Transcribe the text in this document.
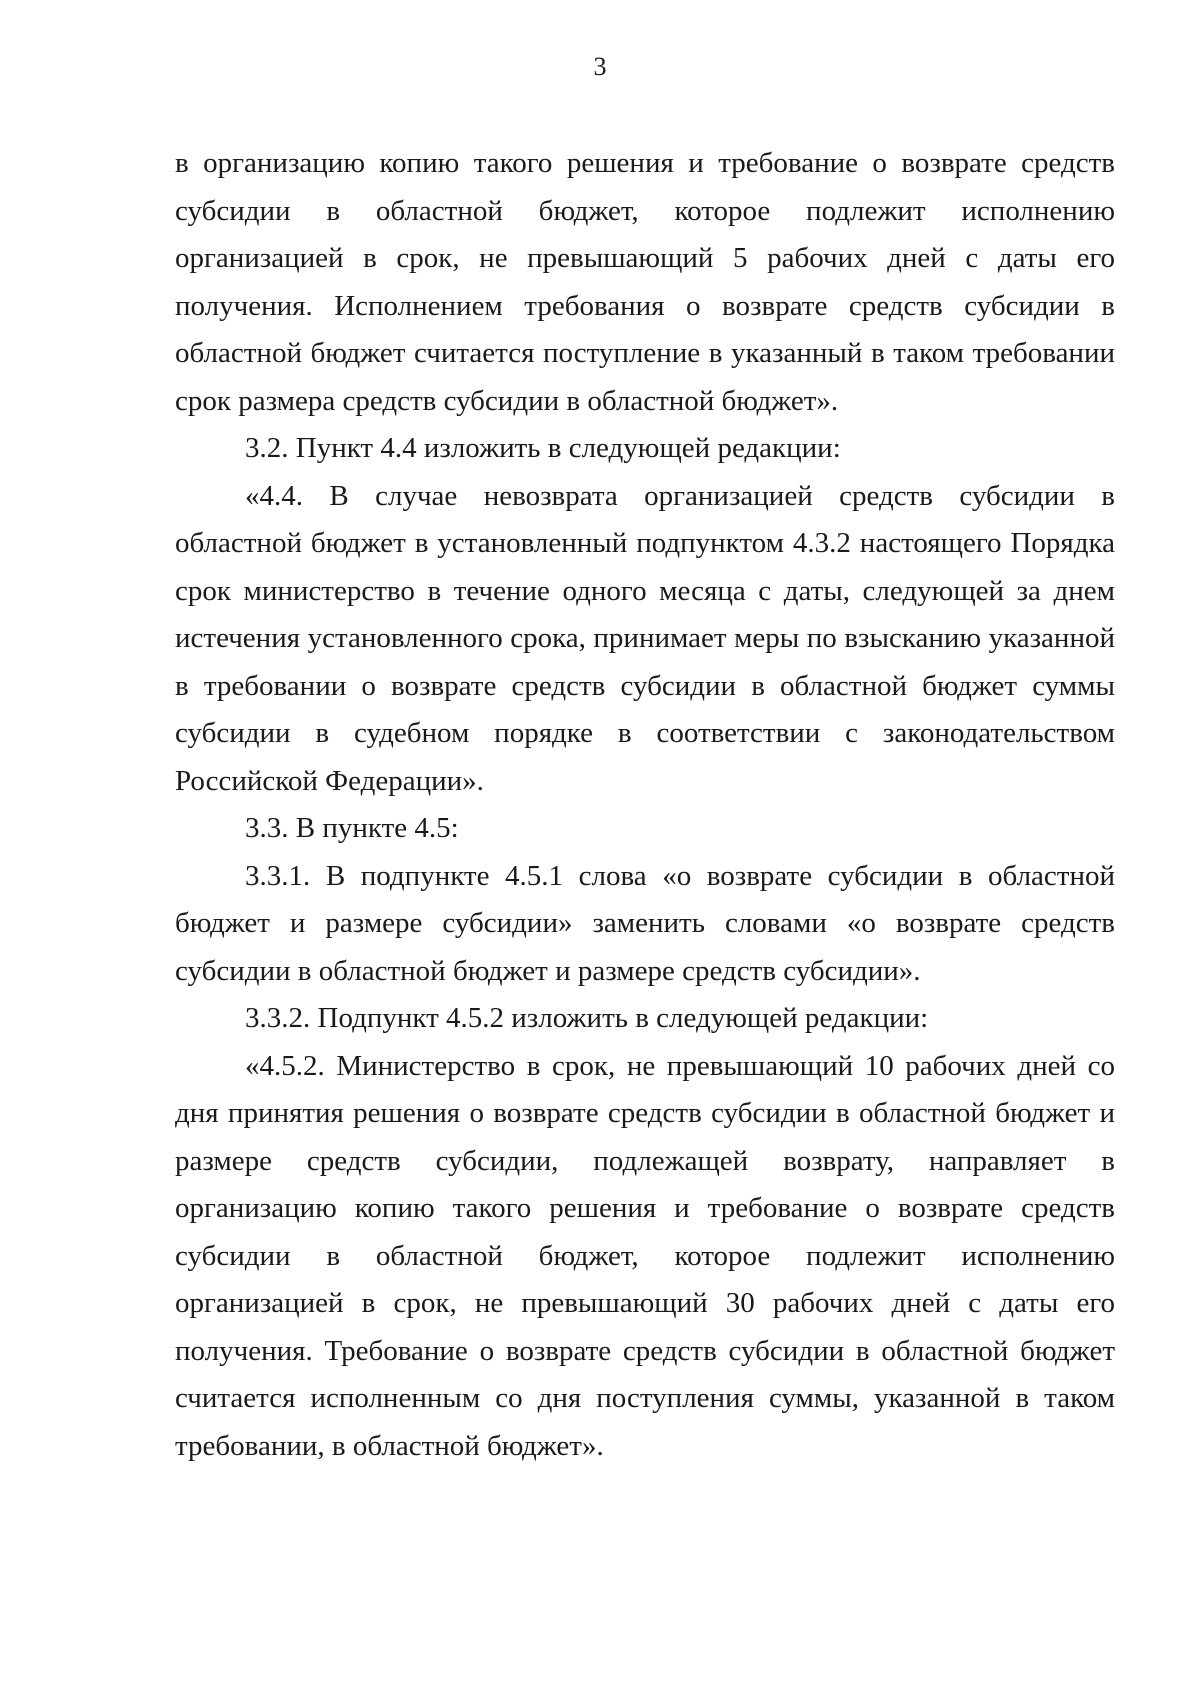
3

в организацию копию такого решения и требование о возврате средств субсидии в областной бюджет, которое подлежит исполнению организацией в срок, не превышающий 5 рабочих дней с даты его получения. Исполнением требования о возврате средств субсидии в областной бюджет считается поступление в указанный в таком требовании срок размера средств субсидии в областной бюджет».

3.2. Пункт 4.4 изложить в следующей редакции:

«4.4. В случае невозврата организацией средств субсидии в областной бюджет в установленный подпунктом 4.3.2 настоящего Порядка срок министерство в течение одного месяца с даты, следующей за днем истечения установленного срока, принимает меры по взысканию указанной в требовании о возврате средств субсидии в областной бюджет суммы субсидии в судебном порядке в соответствии с законодательством Российской Федерации».

3.3. В пункте 4.5:

3.3.1. В подпункте 4.5.1 слова «о возврате субсидии в областной бюджет и размере субсидии» заменить словами «о возврате средств субсидии в областной бюджет и размере средств субсидии».

3.3.2. Подпункт 4.5.2 изложить в следующей редакции:

«4.5.2. Министерство в срок, не превышающий 10 рабочих дней со дня принятия решения о возврате средств субсидии в областной бюджет и размере средств субсидии, подлежащей возврату, направляет в организацию копию такого решения и требование о возврате средств субсидии в областной бюджет, которое подлежит исполнению организацией в срок, не превышающий 30 рабочих дней с даты его получения. Требование о возврате средств субсидии в областной бюджет считается исполненным со дня поступления суммы, указанной в таком требовании, в областной бюджет».
